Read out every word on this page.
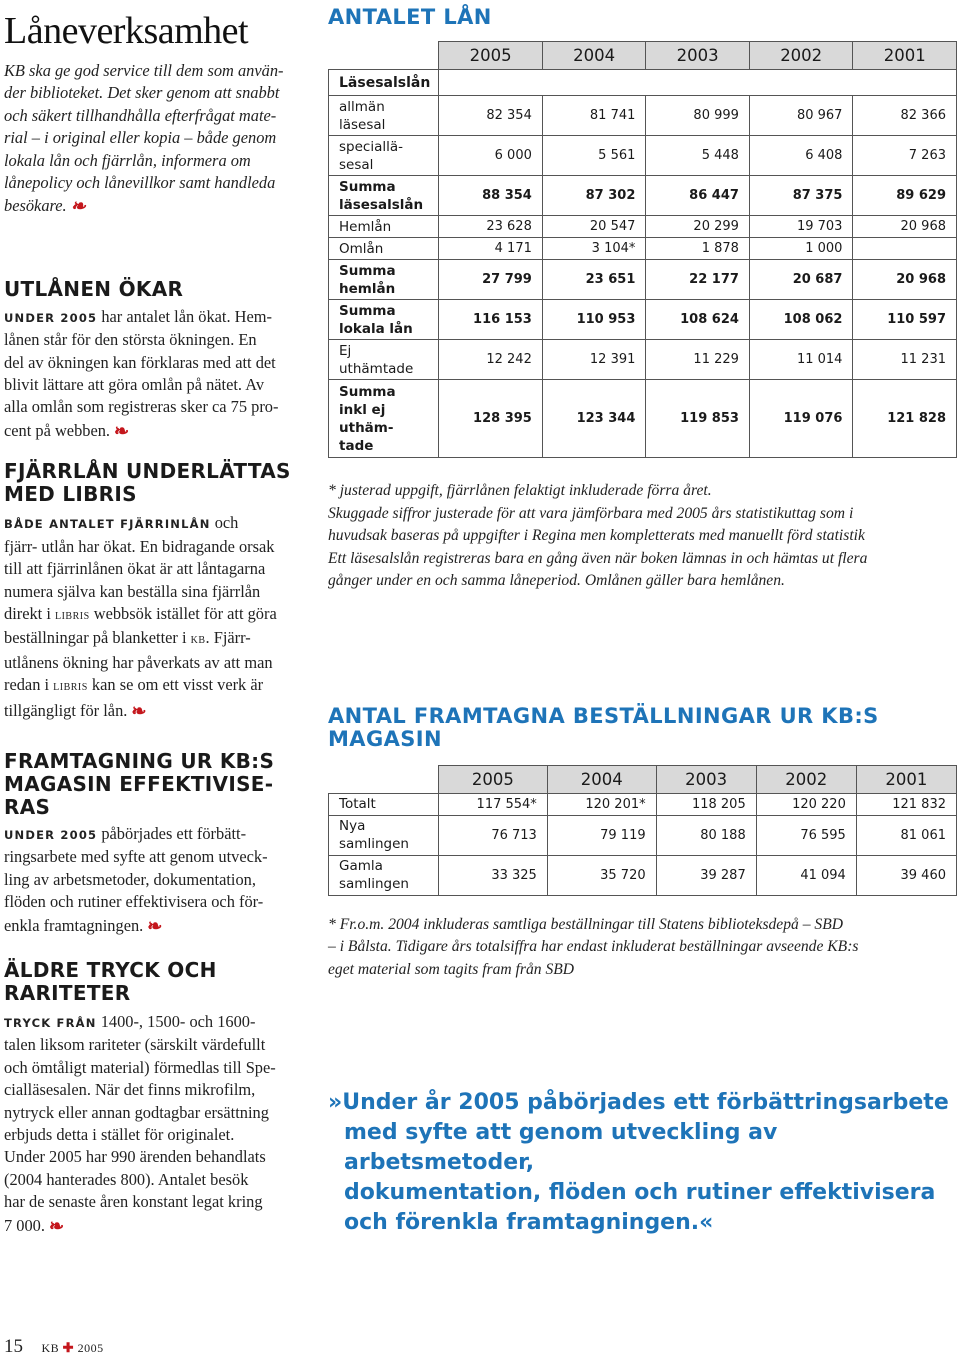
Låneverksamhet

KB ska ge god service till dem som använ-
der biblioteket. Det sker genom att snabbt
och säkert tillhandhålla efterfrågat mate-
rial – i original eller kopia – både genom
lokala lån och fjärrlån, informera om
lånepolicy och lånevillkor samt handleda
besökare. ❧

UTLÅNEN ÖKAR

UNDER 2005 har antalet lån ökat. Hem-
lånen står för den största ökningen. En
del av ökningen kan förklaras med att det
blivit lättare att göra omlån på nätet. Av
alla omlån som registreras sker ca 75 pro-
cent på webben. ❧

FJÄRRLÅN UNDERLÄTTAS
MED LIBRIS

BÅDE ANTALET FJÄRRINLÅN och
fjärr- utlån har ökat. En bidragande orsak
till att fjärrinlånen ökat är att låntagarna
numera själva kan beställa sina fjärrlån
direkt i libris webbsök istället för att göra
beställningar på blanketter i kb. Fjärr-
utlånens ökning har påverkats av att man
redan i libris kan se om ett visst verk är
tillgängligt för lån. ❧

FRAMTAGNING UR KB:S
MAGASIN EFFEKTIVISE-
RAS

UNDER 2005 påbörjades ett förbätt-
ringsarbete med syfte att genom utveck-
ling av arbetsmetoder, dokumentation,
flöden och rutiner effektivisera och för-
enkla framtagningen. ❧

ÄLDRE TRYCK OCH
RARITETER

TRYCK FRÅN 1400-, 1500- och 1600-
talen liksom rariteter (särskilt värdefullt
och ömtåligt material) förmedlas till Spe-
cialläsesalen. När det finns mikrofilm,
nytryck eller annan godtagbar ersättning
erbjuds detta i stället för originalet.
Under 2005 har 990 ärenden behandlats
(2004 hanterades 800). Antalet besök
har de senaste åren konstant legat kring
7 000. ❧

ANTALET LÅN
	2005	2004	2003	2002	2001
Läsesalslån					
allmän
läsesal	82 354	81 741	80 999	80 967	82 366
speciallä-
sesal	6 000	5 561	5 448	6 408	7 263
Summa
läsesalslån	88 354	87 302	86 447	87 375	89 629
Hemlån	23 628	20 547	20 299	19 703	20 968
Omlån	4 171	3 104*	1 878	1 000	
Summa
hemlån	27 799	23 651	22 177	20 687	20 968
Summa
lokala lån	116 153	110 953	108 624	108 062	110 597
Ej
uthämtade	12 242	12 391	11 229	11 014	11 231
Summa
inkl ej
uthäm-
tade	128 395	123 344	119 853	119 076	121 828

* justerad uppgift, fjärrlånen felaktigt inkluderade förra året.
Skuggade siffror justerade för att vara jämförbara med 2005 års statistikuttag som i
huvudsak baseras på uppgifter i Regina men kompletterats med manuellt förd statistik
Ett läsesalslån registreras bara en gång även när boken lämnas in och hämtas ut flera
gånger under en och samma låneperiod. Omlånen gäller bara hemlånen.

ANTAL FRAMTAGNA BESTÄLLNINGAR UR KB:S
MAGASIN
	2005	2004	2003	2002	2001
Totalt	117 554*	120 201*	118 205	120 220	121 832
Nya
samlingen	76 713	79 119	80 188	76 595	81 061
Gamla
samlingen	33 325	35 720	39 287	41 094	39 460

* Fr.o.m. 2004 inkluderas samtliga beställningar till Statens biblioteksdepå – SBD
– i Bålsta. Tidigare års totalsiffra har endast inkluderat beställningar avseende KB:s
eget material som tagits fram från SBD

»Under år 2005 påbörjades ett förbättringsarbete
med syfte att genom utveckling av arbetsmetoder,
dokumentation, flöden och rutiner effektivisera
och förenkla framtagningen.«
15 KB ✚ 2005
